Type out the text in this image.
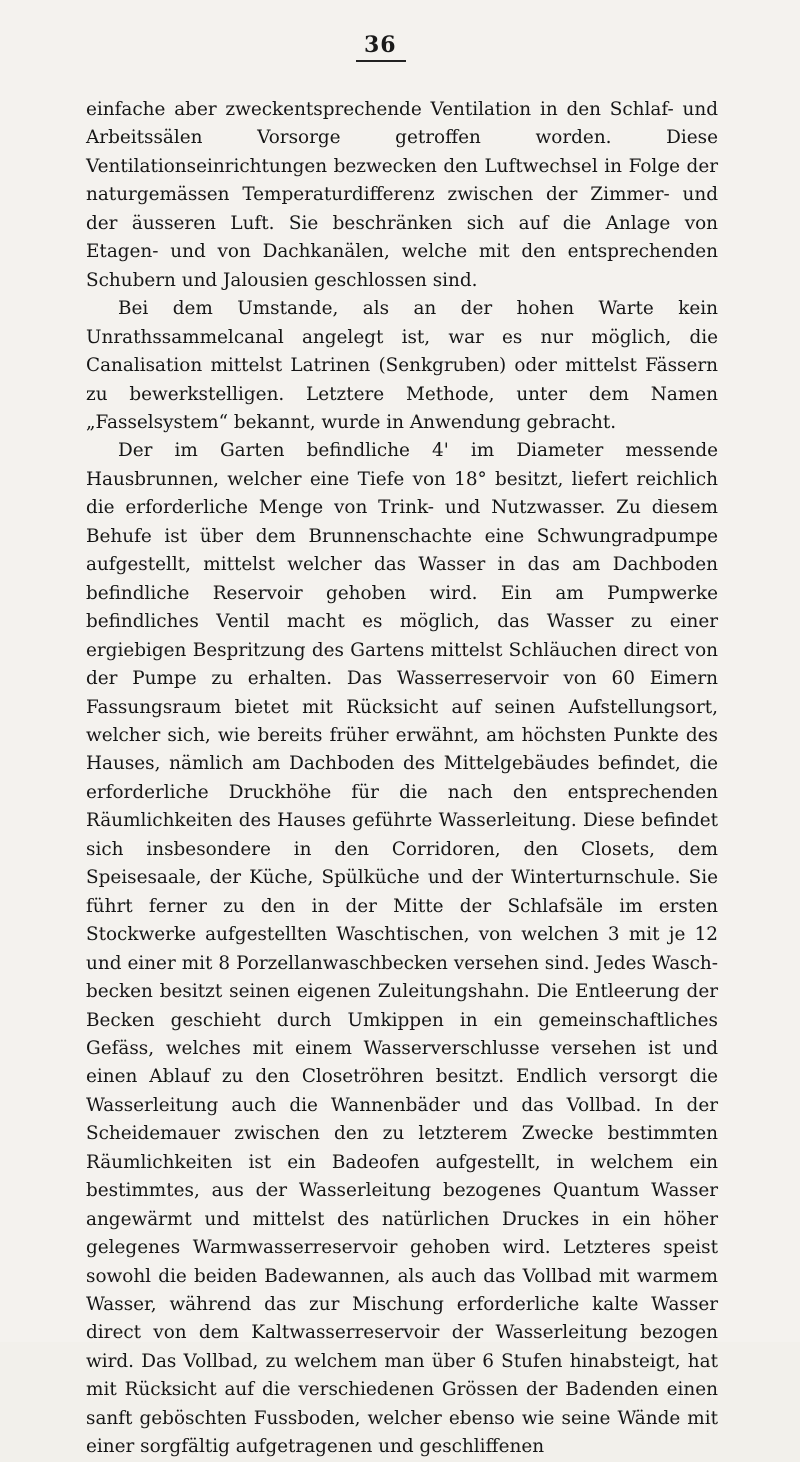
36

einfache aber zweckentsprechende Ventilation in den Schlaf- und Arbeitssälen Vorsorge getroffen worden. Diese Ventilationseinrichtungen bezwecken den Luftwechsel in Folge der naturgemässen Temperaturdifferenz zwischen der Zimmer- und der äusseren Luft. Sie beschränken sich auf die Anlage von Etagen- und von Dachkanälen, welche mit den entsprechenden Schubern und Jalousien geschlossen sind.

Bei dem Umstande, als an der hohen Warte kein Unrathssammelcanal angelegt ist, war es nur möglich, die Canalisation mittelst Latrinen (Senkgruben) oder mittelst Fässern zu bewerkstelligen. Letztere Methode, unter dem Namen „Fasselsystem“ bekannt, wurde in Anwendung gebracht.

Der im Garten befindliche 4' im Diameter messende Hausbrunnen, welcher eine Tiefe von 18° besitzt, liefert reichlich die erforderliche Menge von Trink- und Nutzwasser. Zu diesem Behufe ist über dem Brunnenschachte eine Schwungradpumpe aufgestellt, mittelst welcher das Wasser in das am Dachboden befindliche Reservoir gehoben wird. Ein am Pumpwerke befindliches Ventil macht es möglich, das Wasser zu einer ergiebigen Bespritzung des Gartens mittelst Schläuchen direct von der Pumpe zu erhalten. Das Wasserreservoir von 60 Eimern Fassungsraum bietet mit Rücksicht auf seinen Aufstellungsort, welcher sich, wie bereits früher erwähnt, am höchsten Punkte des Hauses, nämlich am Dachboden des Mittelgebäudes befindet, die erforderliche Druckhöhe für die nach den entsprechenden Räumlichkeiten des Hauses geführte Wasserleitung. Diese befindet sich insbesondere in den Corridoren, den Closets, dem Speisesaale, der Küche, Spülküche und der Winterturnschule. Sie führt ferner zu den in der Mitte der Schlafsäle im ersten Stockwerke aufgestellten Waschtischen, von welchen 3 mit je 12 und einer mit 8 Porzellanwaschbecken versehen sind. Jedes Waschbecken besitzt seinen eigenen Zuleitungshahn. Die Entleerung der Becken geschieht durch Umkippen in ein gemeinschaftliches Gefäss, welches mit einem Wasserverschlusse versehen ist und einen Ablauf zu den Closetröhren besitzt. Endlich versorgt die Wasserleitung auch die Wannenbäder und das Vollbad. In der Scheidemauer zwischen den zu letzterem Zwecke bestimmten Räumlichkeiten ist ein Badeofen aufgestellt, in welchem ein bestimmtes, aus der Wasserleitung bezogenes Quantum Wasser angewärmt und mittelst des natürlichen Druckes in ein höher gelegenes Warmwasserreservoir gehoben wird. Letzteres speist sowohl die beiden Badewannen, als auch das Vollbad mit warmem Wasser, während das zur Mischung erforderliche kalte Wasser direct von dem Kaltwasserreservoir der Wasserleitung bezogen wird. Das Vollbad, zu welchem man über 6 Stufen hinabsteigt, hat mit Rücksicht auf die verschiedenen Grössen der Badenden einen sanft geböschten Fussboden, welcher ebenso wie seine Wände mit einer sorgfältig aufgetragenen und geschliffenen
